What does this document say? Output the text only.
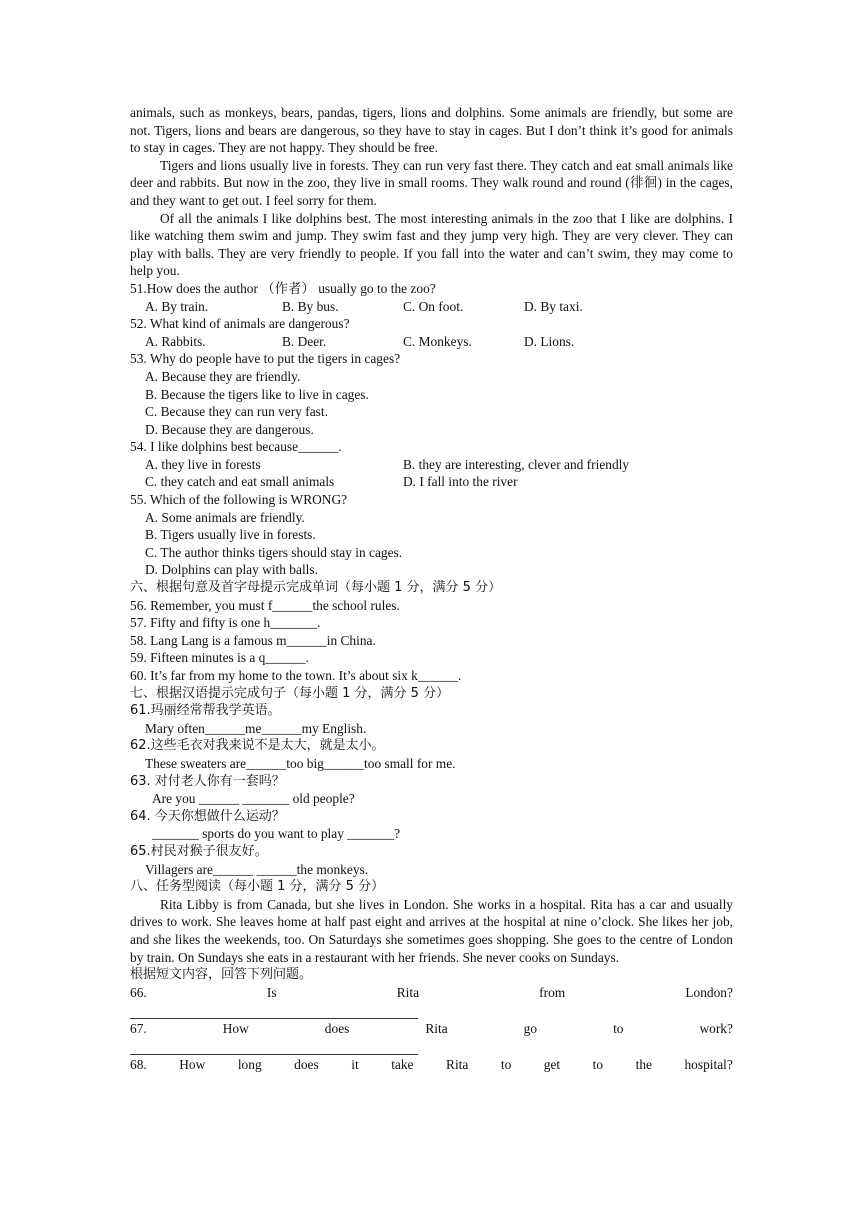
animals, such as monkeys, bears, pandas, tigers, lions and dolphins. Some animals are friendly, but some are not. Tigers, lions and bears are dangerous, so they have to stay in cages. But I don’t think it’s good for animals to stay in cages. They are not happy. They should be free.

Tigers and lions usually live in forests. They can run very fast there. They catch and eat small animals like deer and rabbits. But now in the zoo, they live in small rooms. They walk round and round (徘徊) in the cages, and they want to get out. I feel sorry for them.

Of all the animals I like dolphins best. The most interesting animals in the zoo that I like are dolphins. I like watching them swim and jump. They swim fast and they jump very high. They are very clever. They can play with balls. They are very friendly to people. If you fall into the water and can’t swim, they may come to help you.

51.How does the author （作者） usually go to the zoo?

A. By train.	B. By bus.	C. On foot.	D. By taxi.

52. What kind of animals are dangerous?

A. Rabbits.	B. Deer.	C. Monkeys.	D. Lions.

53. Why do people have to put the tigers in cages?

A. Because they are friendly.

B. Because the tigers like to live in cages.

C. Because they can run very fast.

D. Because they are dangerous.

54. I like dolphins best because______.

A. they live in forests	B. they are interesting, clever and friendly
C. they catch and eat small animals	D. I fall into the river

55. Which of the following is WRONG?

A. Some animals are friendly.

B. Tigers usually live in forests.

C. The author thinks tigers should stay in cages.

D. Dolphins can play with balls.

六、根据句意及首字母提示完成单词（每小题 1 分，满分 5 分）

56. Remember, you must f______the school rules.

57. Fifty and fifty is one h_______.

58. Lang Lang is a famous m______in China.

59. Fifteen minutes is a q______.

60. It’s far from my home to the town. It’s about six k______.

七、根据汉语提示完成句子（每小题 1 分，满分 5 分）

61.玛丽经常帮我学英语。

Mary often______me______my English.

62.这些毛衣对我来说不是太大，就是太小。

These sweaters are______too big______too small for me.

63. 对付老人你有一套吗？

Are you ______ _______ old people?

64. 今天你想做什么运动？

_______ sports do you want to play _______?

65.村民对猴子很友好。

Villagers are______ ______the monkeys.

八、任务型阅读（每小题 1 分，满分 5 分）

Rita Libby is from Canada, but she lives in London. She works in a hospital. Rita has a car and usually drives to work. She leaves home at half past eight and arrives at the hospital at nine o’clock. She likes her job, and she likes the weekends, too. On Saturdays she sometimes goes shopping. She goes to the centre of London by train. On Sundays she eats in a restaurant with her friends. She never cooks on Sundays.

根据短文内容，回答下列问题。

66.	Is	Rita	from	London?
67.	How	does	Rita	go	to	work?
68. How long does it take Rita to get to the hospital?
